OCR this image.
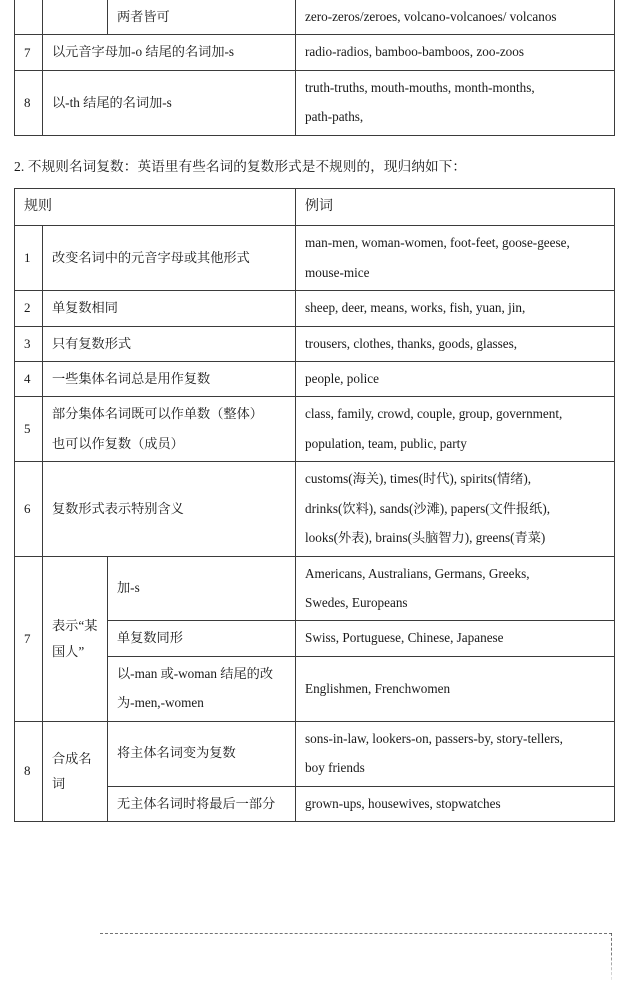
		两者皆可	zero-zeros/zeroes, volcano-volcanoes/ volcanos

7	以元音字母加-o 结尾的名词加-s		radio-radios, bamboo-bamboos, zoo-zoos

8	以-th 结尾的名词加-s		truth-truths, mouth-mouths, month-months,
path-paths,
2. 不规则名词复数：英语里有些名词的复数形式是不规则的，现归纳如下：
规则			例词
1	改变名词中的元音字母或其他形式		man-men, woman-women, foot-feet, goose-geese,
mouse-mice

2	单复数相同		sheep, deer, means, works, fish, yuan, jin,

3	只有复数形式		trousers, clothes, thanks, goods, glasses,

4	一些集体名词总是用作复数		people, police

5	部分集体名词既可以作单数（整体）
也可以作复数（成员）		class, family, crowd, couple, group, government,
population, team, public, party

6	复数形式表示特别含义		customs(海关), times(时代), spirits(情绪),
drinks(饮料), sands(沙滩), papers(文件报纸),
looks(外表), brains(头脑智力), greens(青菜)

7	表示“某国人”	加-s	Americans, Australians, Germans, Greeks,
Swedes, Europeans

		单复数同形	Swiss, Portuguese, Chinese, Japanese

		以-man 或-woman 结尾的改
为-men,-women	Englishmen, Frenchwomen

8	合成名词	将主体名词变为复数	sons-in-law, lookers-on, passers-by, story-tellers,
boy friends

		无主体名词时将最后一部分	grown-ups, housewives, stopwatches
